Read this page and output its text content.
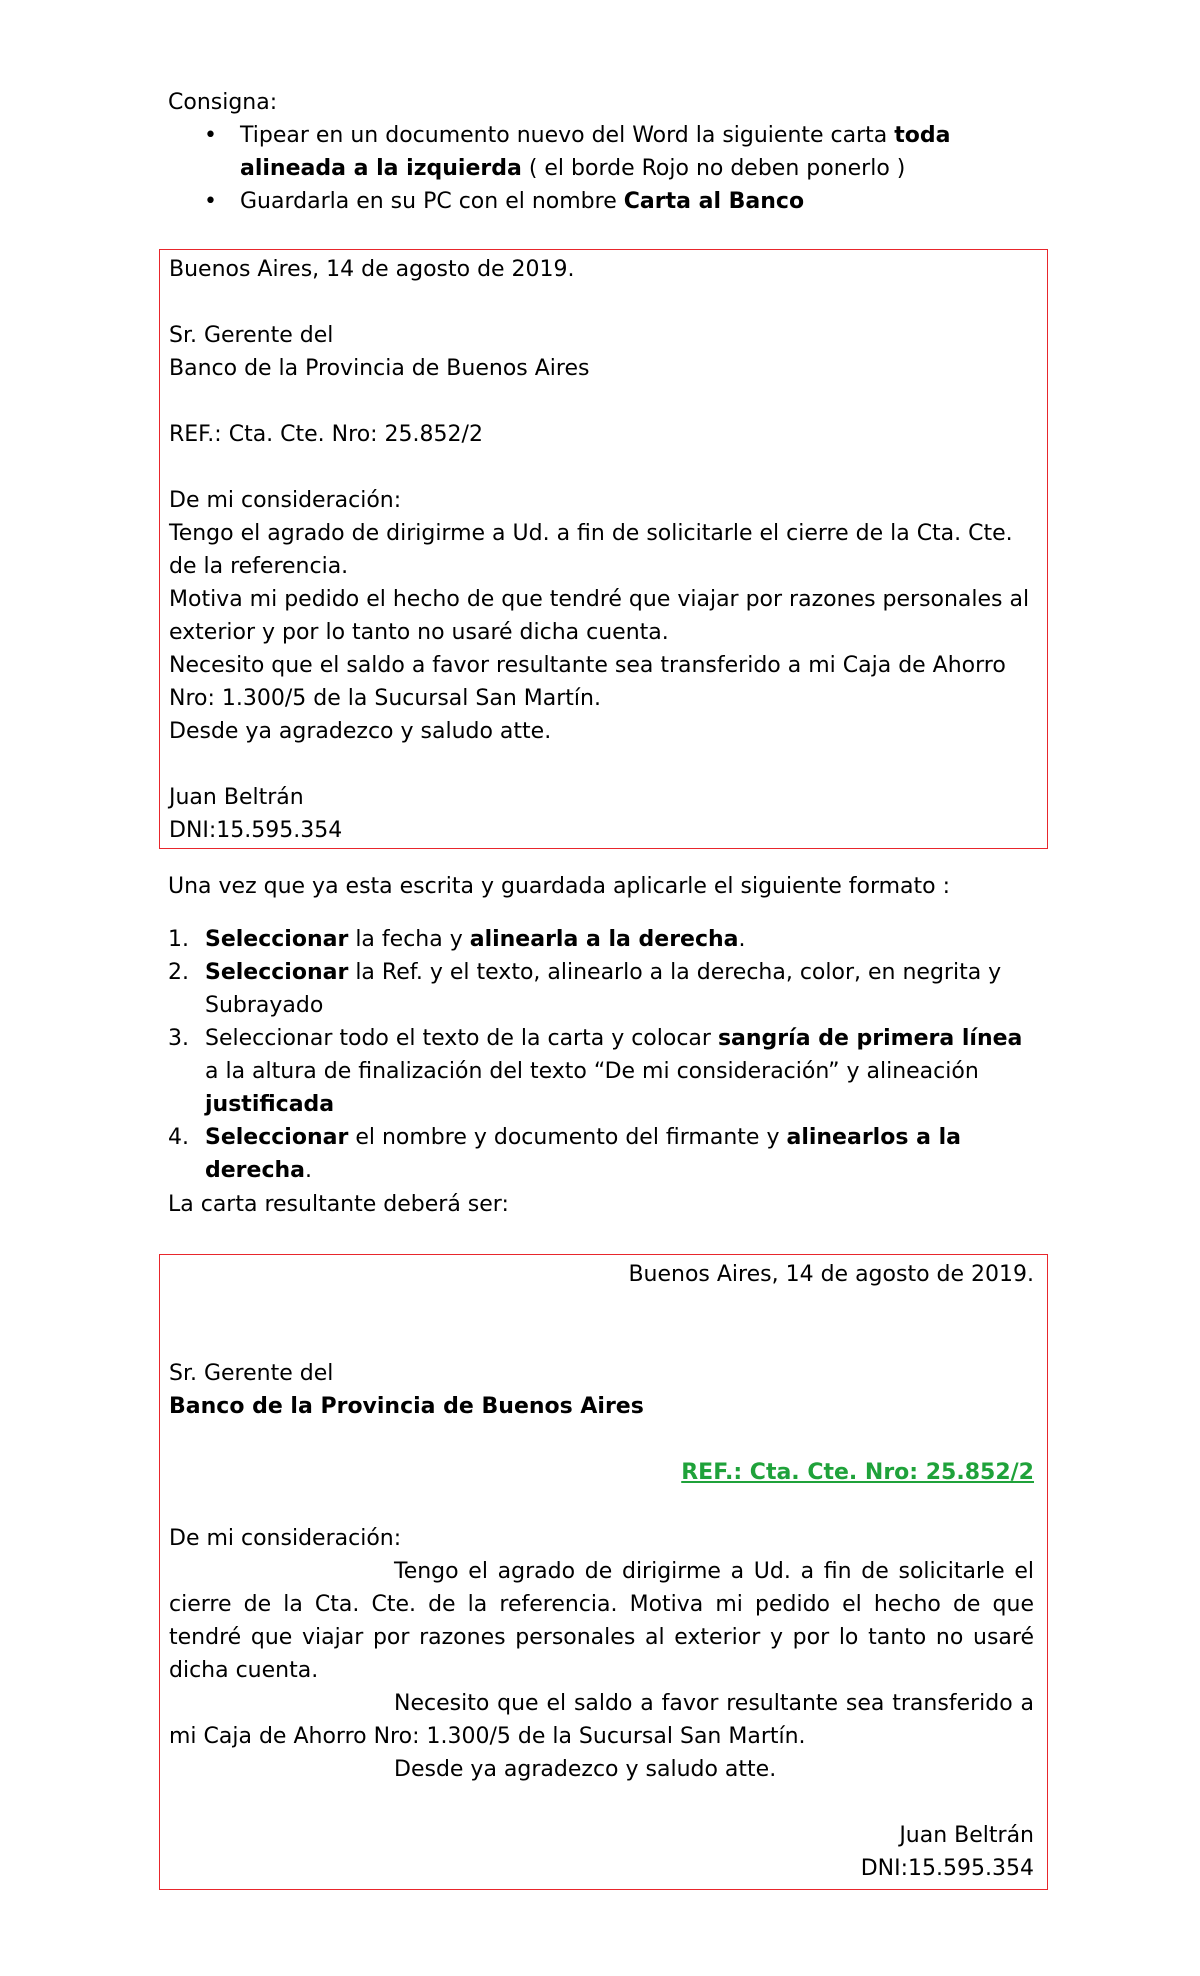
Consigna:

• Tipear en un documento nuevo del Word la siguiente carta toda alineada a la izquierda ( el borde Rojo no deben ponerlo )
• Guardarla en su PC con el nombre Carta al Banco

Buenos Aires, 14 de agosto de 2019.

Sr. Gerente del

Banco de la Provincia de Buenos Aires

REF.: Cta. Cte. Nro: 25.852/2

De mi consideración:

Tengo el agrado de dirigirme a Ud. a fin de solicitarle el cierre de la Cta. Cte.

de la referencia.

Motiva mi pedido el hecho de que tendré que viajar por razones personales al

exterior y por lo tanto no usaré dicha cuenta.

Necesito que el saldo a favor resultante sea transferido a mi Caja de Ahorro

Nro: 1.300/5 de la Sucursal San Martín.

Desde ya agradezco y saludo atte.

Juan Beltrán

DNI:15.595.354

Una vez que ya esta escrita y guardada aplicarle el siguiente formato :

1. Seleccionar la fecha y alinearla a la derecha.
2. Seleccionar la Ref. y el texto, alinearlo a la derecha, color, en negrita y Subrayado
3. Seleccionar todo el texto de la carta y colocar sangría de primera línea a la altura de finalización del texto “De mi consideración” y alineación justificada
4. Seleccionar el nombre y documento del firmante y alinearlos a la derecha.

La carta resultante deberá ser:

Buenos Aires, 14 de agosto de 2019.

Sr. Gerente del

Banco de la Provincia de Buenos Aires

REF.: Cta. Cte. Nro: 25.852/2

De mi consideración:

Tengo el agrado de dirigirme a Ud. a fin de solicitarle el cierre de la Cta. Cte. de la referencia. Motiva mi pedido el hecho de que tendré que viajar por razones personales al exterior y por lo tanto no usaré dicha cuenta.

Necesito que el saldo a favor resultante sea transferido a mi Caja de Ahorro Nro: 1.300/5 de la Sucursal San Martín.

Desde ya agradezco y saludo atte.

Juan Beltrán

DNI:15.595.354
